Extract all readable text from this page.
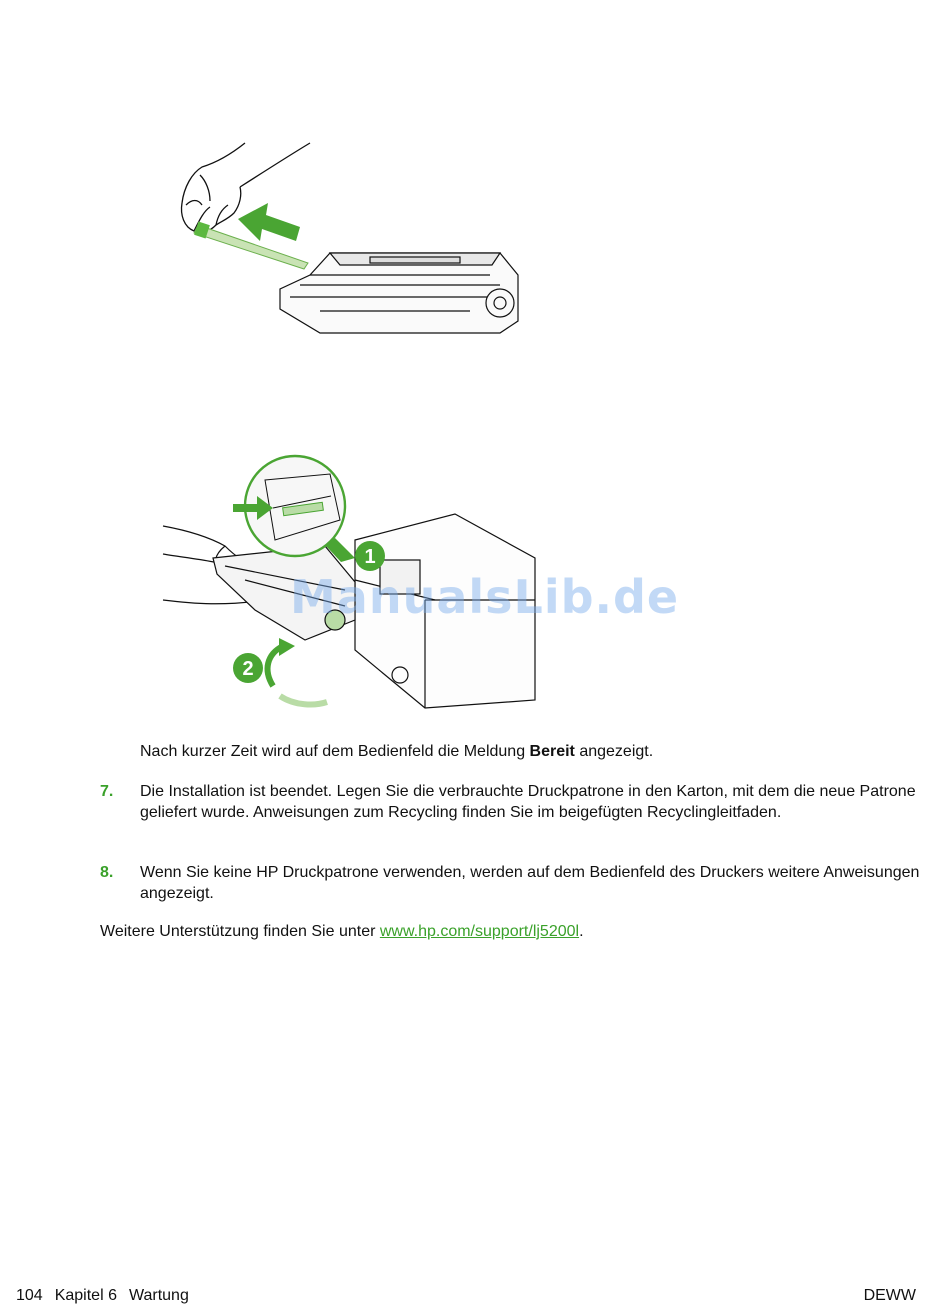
1
2
ManualsLib.de
Nach kurzer Zeit wird auf dem Bedienfeld die Meldung Bereit angezeigt.
7. Die Installation ist beendet. Legen Sie die verbrauchte Druckpatrone in den Karton, mit dem die neue Patrone geliefert wurde. Anweisungen zum Recycling finden Sie im beigefügten Recyclingleitfaden.
8. Wenn Sie keine HP Druckpatrone verwenden, werden auf dem Bedienfeld des Druckers weitere Anweisungen angezeigt.
Weitere Unterstützung finden Sie unter www.hp.com/support/lj5200l.
104 Kapitel 6 Wartung	DEWW
